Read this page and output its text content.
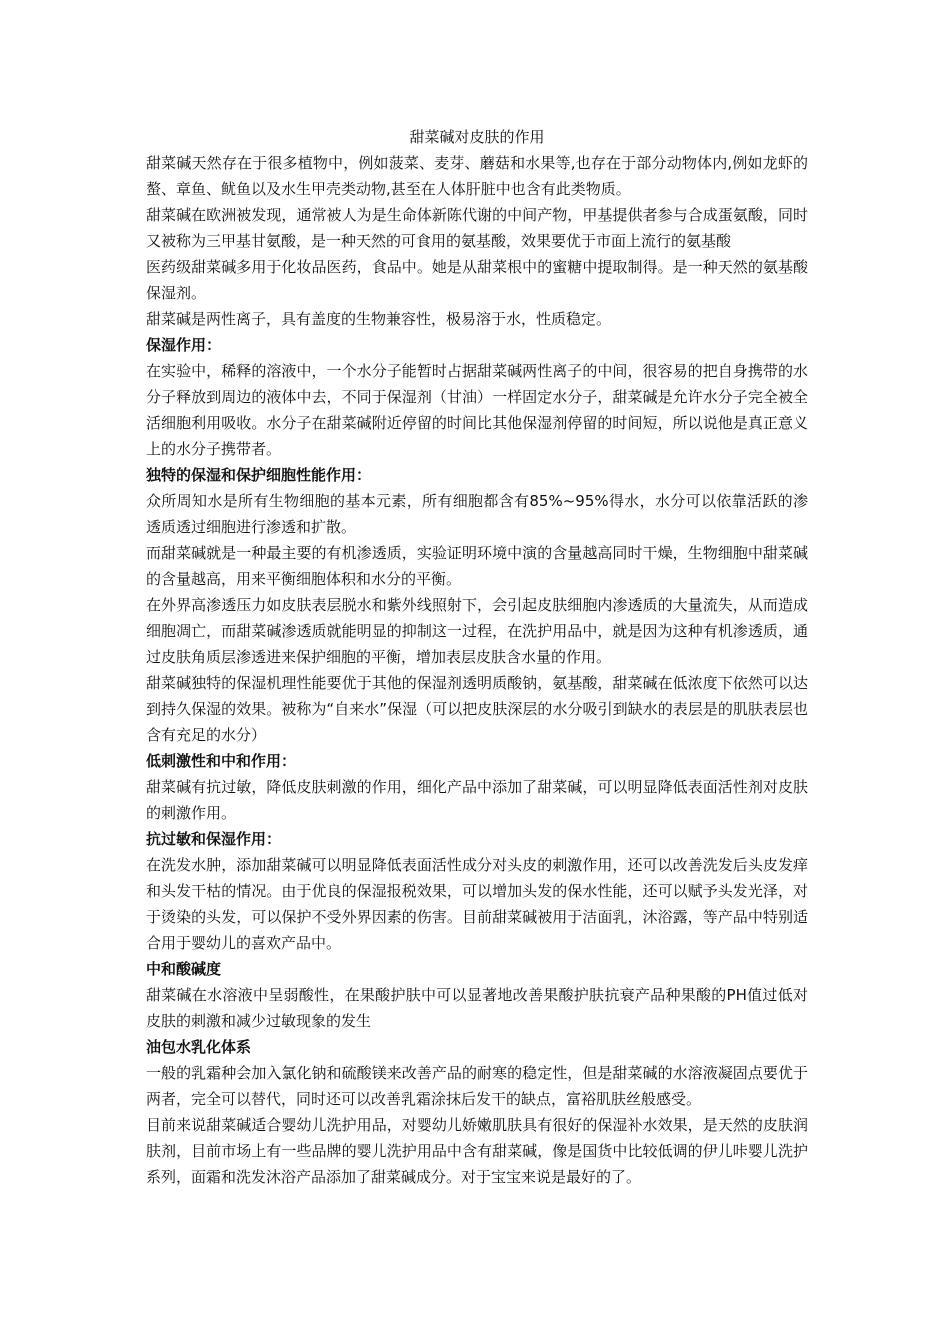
甜菜碱对皮肤的作用

甜菜碱天然存在于很多植物中，例如菠菜、麦芽、蘑菇和水果等,也存在于部分动物体内,例如龙虾的螯、章鱼、鱿鱼以及水生甲壳类动物,甚至在人体肝脏中也含有此类物质。

甜菜碱在欧洲被发现，通常被人为是生命体新陈代谢的中间产物，甲基提供者参与合成蛋氨酸，同时又被称为三甲基甘氨酸，是一种天然的可食用的氨基酸，效果要优于市面上流行的氨基酸

医药级甜菜碱多用于化妆品医药，食品中。她是从甜菜根中的蜜糖中提取制得。是一种天然的氨基酸保湿剂。

甜菜碱是两性离子，具有盖度的生物兼容性，极易溶于水，性质稳定。

保湿作用：

在实验中，稀释的溶液中，一个水分子能暂时占据甜菜碱两性离子的中间，很容易的把自身携带的水分子释放到周边的液体中去，不同于保湿剂（甘油）一样固定水分子，甜菜碱是允许水分子完全被全活细胞利用吸收。水分子在甜菜碱附近停留的时间比其他保湿剂停留的时间短，所以说他是真正意义上的水分子携带者。

独特的保湿和保护细胞性能作用：

众所周知水是所有生物细胞的基本元素，所有细胞都含有85%~95%得水，水分可以依靠活跃的渗透质透过细胞进行渗透和扩散。

而甜菜碱就是一种最主要的有机渗透质，实验证明环境中演的含量越高同时干燥，生物细胞中甜菜碱的含量越高，用来平衡细胞体积和水分的平衡。

在外界高渗透压力如皮肤表层脱水和紫外线照射下，会引起皮肤细胞内渗透质的大量流失，从而造成细胞凋亡，而甜菜碱渗透质就能明显的抑制这一过程，在洗护用品中，就是因为这种有机渗透质，通过皮肤角质层渗透进来保护细胞的平衡，增加表层皮肤含水量的作用。

甜菜碱独特的保湿机理性能要优于其他的保湿剂透明质酸钠，氨基酸，甜菜碱在低浓度下依然可以达到持久保湿的效果。被称为“自来水”保湿（可以把皮肤深层的水分吸引到缺水的表层是的肌肤表层也含有充足的水分）

低刺激性和中和作用：

甜菜碱有抗过敏，降低皮肤刺激的作用，细化产品中添加了甜菜碱，可以明显降低表面活性剂对皮肤的刺激作用。

抗过敏和保湿作用：

在洗发水肿，添加甜菜碱可以明显降低表面活性成分对头皮的刺激作用，还可以改善洗发后头皮发痒和头发干枯的情况。由于优良的保湿报税效果，可以增加头发的保水性能，还可以赋予头发光泽，对于烫染的头发，可以保护不受外界因素的伤害。目前甜菜碱被用于洁面乳，沐浴露，等产品中特别适合用于婴幼儿的喜欢产品中。

中和酸碱度

甜菜碱在水溶液中呈弱酸性，在果酸护肤中可以显著地改善果酸护肤抗衰产品种果酸的PH值过低对皮肤的刺激和减少过敏现象的发生

油包水乳化体系

一般的乳霜种会加入氯化钠和硫酸镁来改善产品的耐寒的稳定性，但是甜菜碱的水溶液凝固点要优于两者，完全可以替代，同时还可以改善乳霜涂抹后发干的缺点，富裕肌肤丝般感受。

目前来说甜菜碱适合婴幼儿洗护用品，对婴幼儿娇嫩肌肤具有很好的保湿补水效果，是天然的皮肤润肤剂，目前市场上有一些品牌的婴儿洗护用品中含有甜菜碱，像是国货中比较低调的伊儿咔婴儿洗护系列，面霜和洗发沐浴产品添加了甜菜碱成分。对于宝宝来说是最好的了。
